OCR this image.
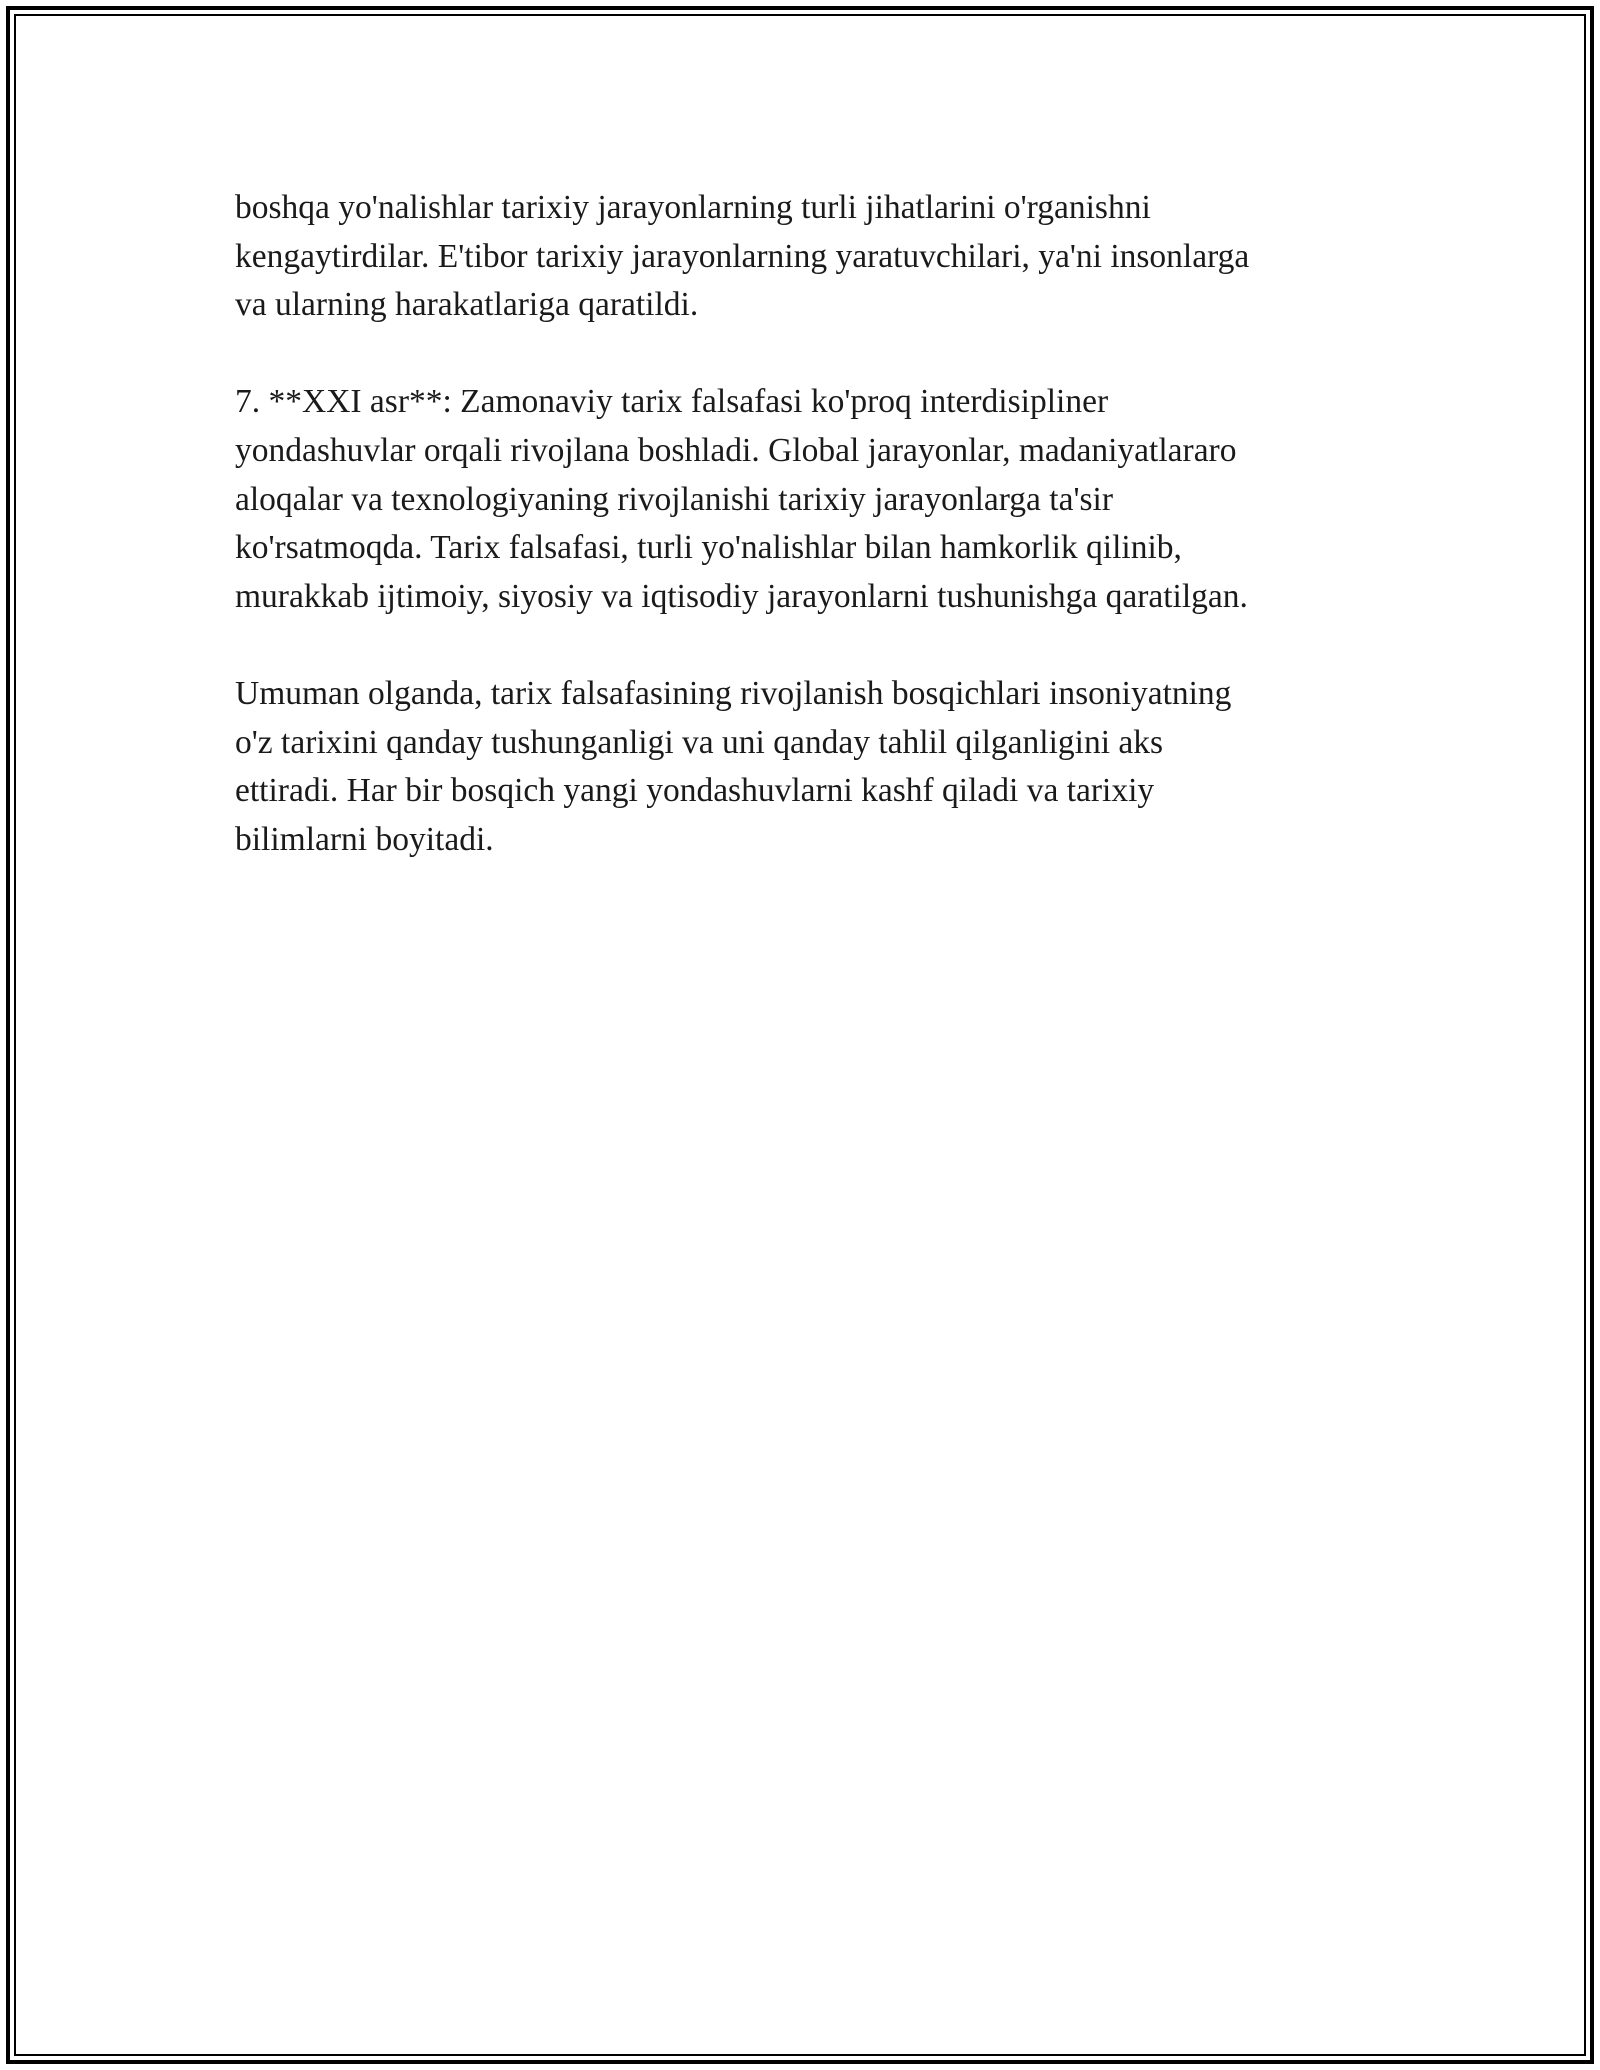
boshqa yo'nalishlar tarixiy jarayonlarning turli jihatlarini o'rganishni
kengaytirdilar. E'tibor tarixiy jarayonlarning yaratuvchilari, ya'ni insonlarga
va ularning harakatlariga qaratildi.

7. **XXI asr**: Zamonaviy tarix falsafasi ko'proq interdisipliner
yondashuvlar orqali rivojlana boshladi. Global jarayonlar, madaniyatlararo
aloqalar va texnologiyaning rivojlanishi tarixiy jarayonlarga ta'sir
ko'rsatmoqda. Tarix falsafasi, turli yo'nalishlar bilan hamkorlik qilinib,
murakkab ijtimoiy, siyosiy va iqtisodiy jarayonlarni tushunishga qaratilgan.

Umuman olganda, tarix falsafasining rivojlanish bosqichlari insoniyatning
o'z tarixini qanday tushunganligi va uni qanday tahlil qilganligini aks
ettiradi. Har bir bosqich yangi yondashuvlarni kashf qiladi va tarixiy
bilimlarni boyitadi.
